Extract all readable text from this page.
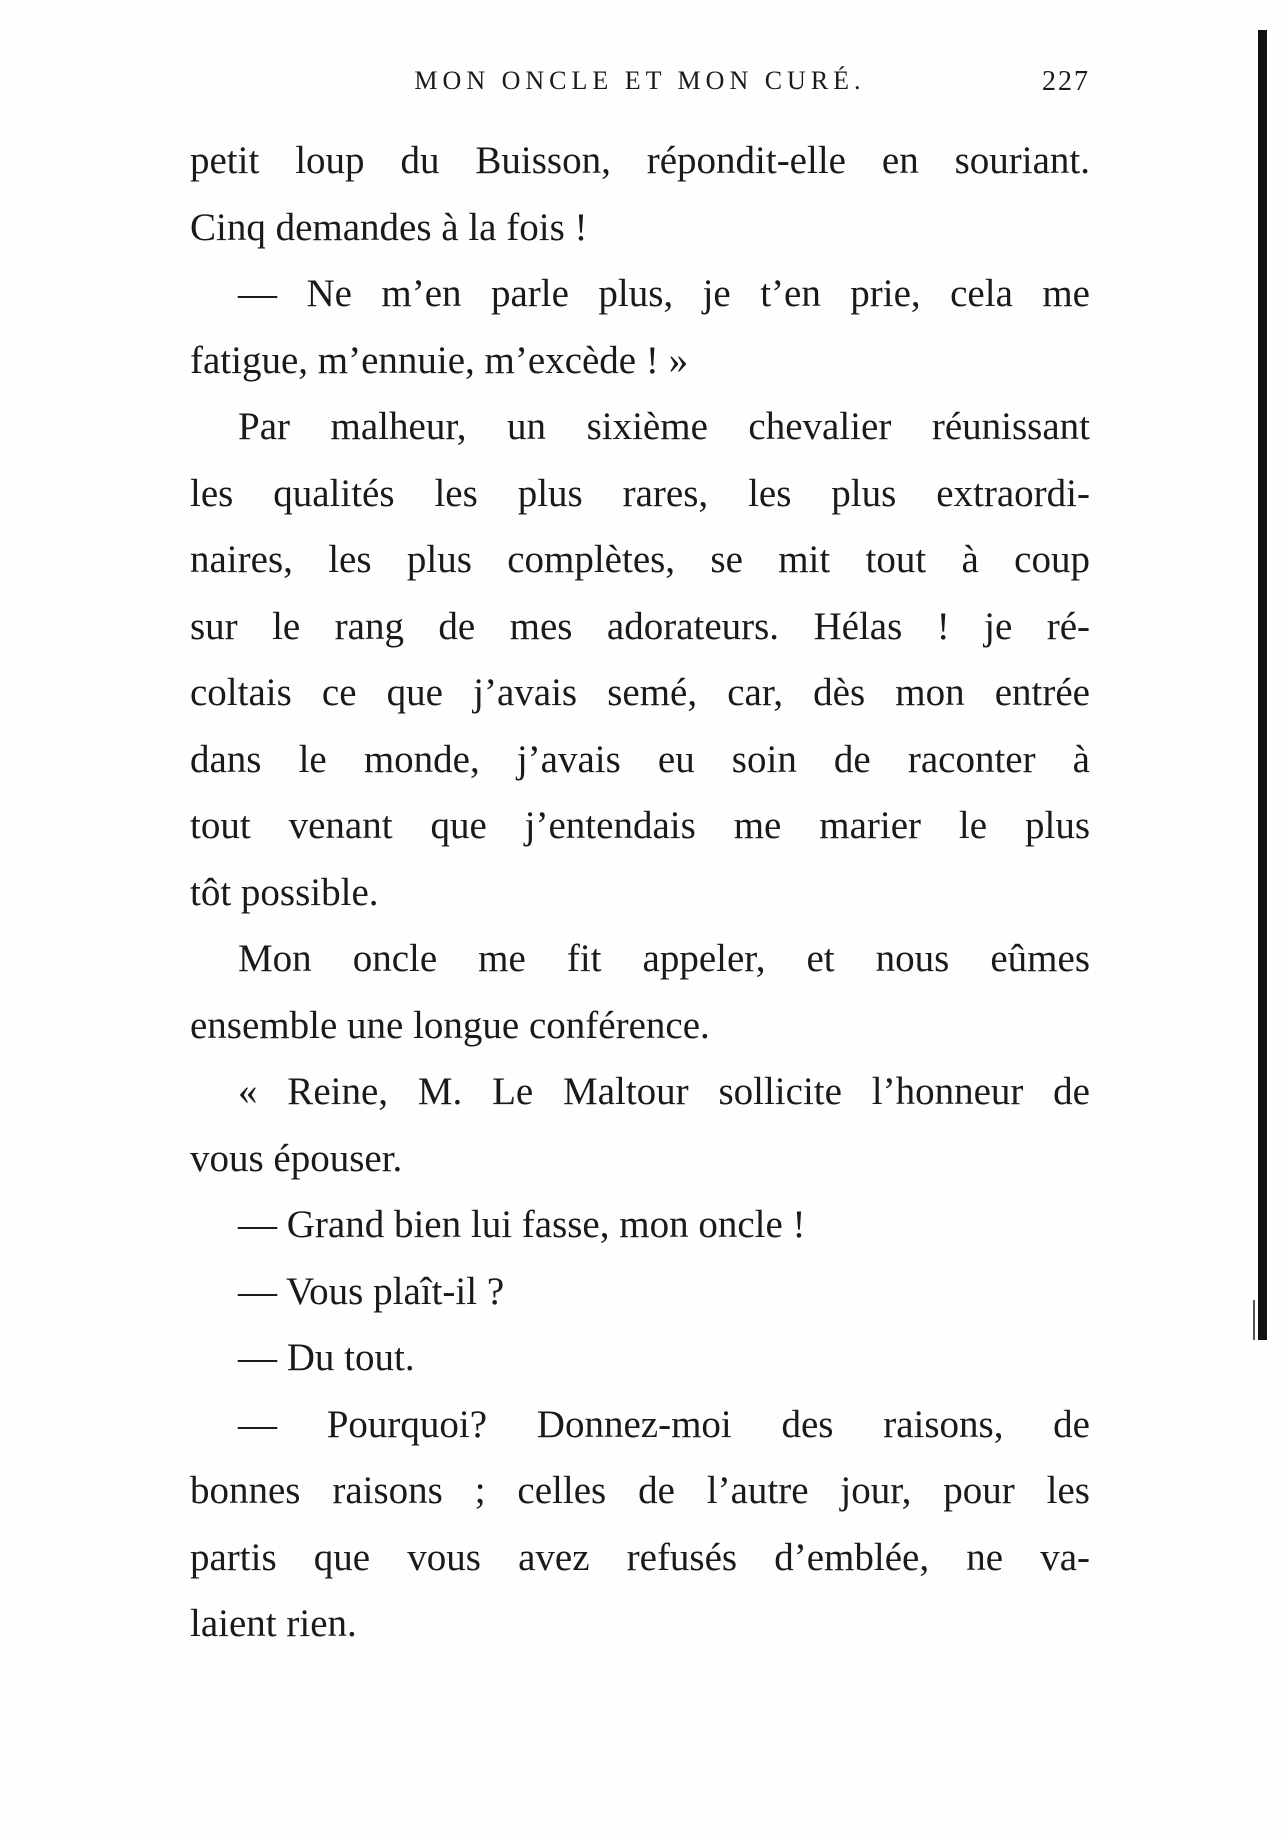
MON ONCLE ET MON CURÉ.	227
petit loup du Buisson, répondit-elle en souriant.
Cinq demandes à la fois !
— Ne m’en parle plus, je t’en prie, cela me
fatigue, m’ennuie, m’excède ! »
Par malheur, un sixième chevalier réunissant
les qualités les plus rares, les plus extraordi-
naires, les plus complètes, se mit tout à coup
sur le rang de mes adorateurs. Hélas ! je ré-
coltais ce que j’avais semé, car, dès mon entrée
dans le monde, j’avais eu soin de raconter à
tout venant que j’entendais me marier le plus
tôt possible.
Mon oncle me fit appeler, et nous eûmes
ensemble une longue conférence.
« Reine, M. Le Maltour sollicite l’honneur de
vous épouser.
— Grand bien lui fasse, mon oncle !
— Vous plaît-il ?
— Du tout.
— Pourquoi? Donnez-moi des raisons, de
bonnes raisons ; celles de l’autre jour, pour les
partis que vous avez refusés d’emblée, ne va-
laient rien.
